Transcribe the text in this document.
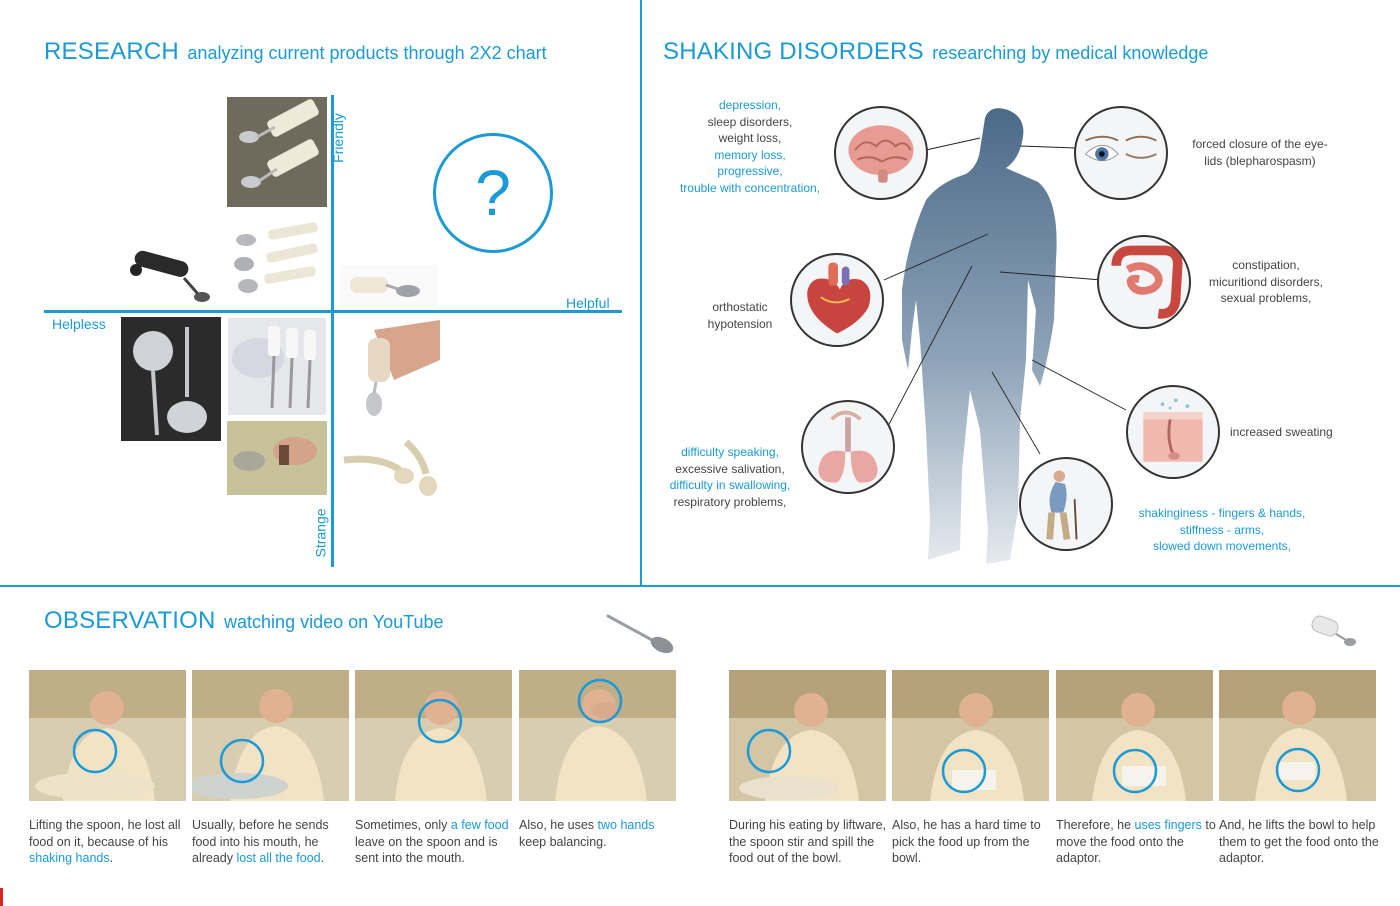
RESEARCH analyzing current products through 2X2 chart
Friendly
Strange
Helpless
Helpful
?
SHAKING DISORDERS researching by medical knowledge
depression,
sleep disorders,
weight loss,
memory loss,
progressive,
trouble with concentration,
forced closure of the eye-
lids (blepharospasm)
orthostatic
hypotension
constipation,
micuritiond disorders,
sexual problems,
difficulty speaking,
excessive salivation,
difficulty in swallowing,
respiratory problems,
increased sweating
shakinginess - fingers & hands,
stiffness - arms,
slowed down movements,
OBSERVATION watching video on YouTube
Lifting the spoon, he lost all food on it, because of his shaking hands.
Usually, before he sends food into his mouth, he already lost all the food.
Sometimes, only a few food leave on the spoon and is sent into the mouth.
Also, he uses two hands keep balancing.
During his eating by liftware, the spoon stir and spill the food out of the bowl.
Also, he has a hard time to pick the food up from the bowl.
Therefore, he uses fingers to move the food onto the adaptor.
And, he lifts the bowl to help them to get the food onto the adaptor.
